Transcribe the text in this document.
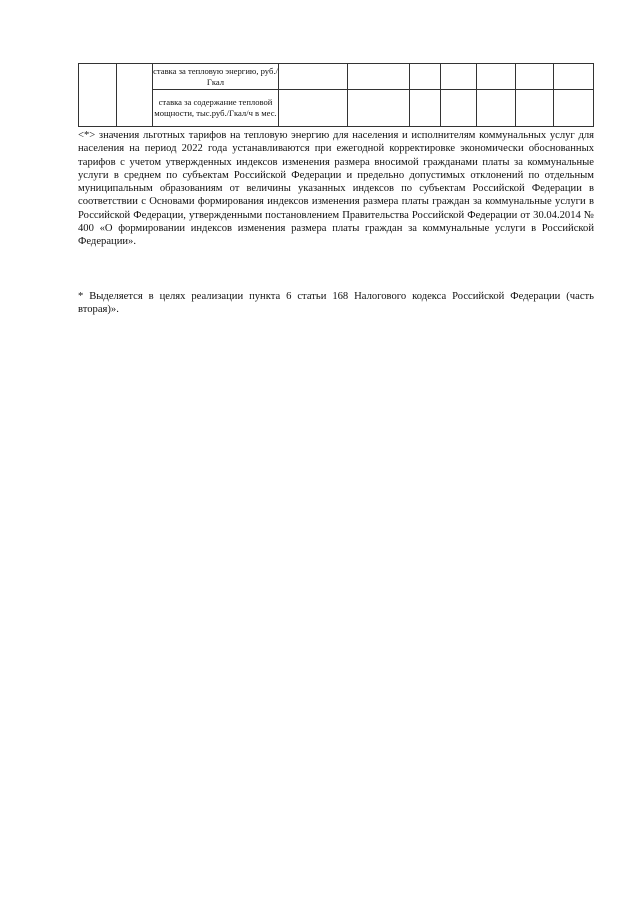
		ставка за тепловую энергию, руб./Гкал							
		ставка за содержание тепловой мощности, тыс.руб./Гкал/ч в мес.							

<*> значения льготных тарифов на тепловую энергию для населения и исполнителям коммунальных услуг для населения на период 2022 года устанавливаются при ежегодной корректировке экономически обоснованных тарифов с учетом утвержденных индексов изменения размера вносимой гражданами платы за коммунальные услуги в среднем по субъектам Российской Федерации и предельно допустимых отклонений по отдельным муниципальным образованиям от величины указанных индексов по субъектам Российской Федерации в соответствии с Основами формирования индексов изменения размера платы граждан за коммунальные услуги в Российской Федерации, утвержденными постановлением Правительства Российской Федерации от 30.04.2014 № 400 «О формировании индексов изменения размера платы граждан за коммунальные услуги в Российской Федерации».

* Выделяется в целях реализации пункта 6 статьи 168 Налогового кодекса Российской Федерации (часть вторая)».
